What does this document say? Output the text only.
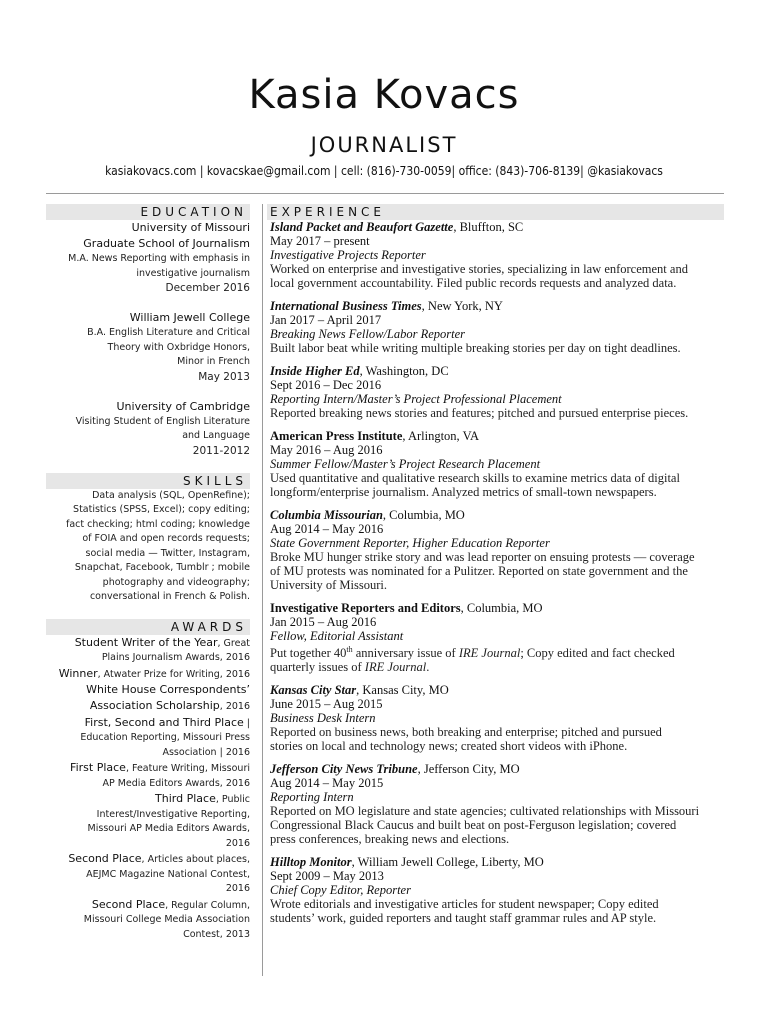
Kasia Kovacs
JOURNALIST
kasiakovacs.com | kovacskae@gmail.com | cell: (816)-730-0059| office: (843)-706-8139| @kasiakovacs
EDUCATION
University of Missouri
Graduate School of Journalism
M.A. News Reporting with emphasis in
investigative journalism
December 2016
William Jewell College
B.A. English Literature and Critical
Theory with Oxbridge Honors,
Minor in French
May 2013
University of Cambridge
Visiting Student of English Literature
and Language
2011-2012
SKILLS
Data analysis (SQL, OpenRefine);
Statistics (SPSS, Excel); copy editing;
fact checking; html coding; knowledge
of FOIA and open records requests;
social media — Twitter, Instagram,
Snapchat, Facebook, Tumblr ; mobile
photography and videography;
conversational in French & Polish.
AWARDS
Student Writer of the Year, Great
Plains Journalism Awards, 2016
Winner, Atwater Prize for Writing, 2016
White House Correspondents’
Association Scholarship, 2016
First, Second and Third Place |
Education Reporting, Missouri Press
Association | 2016
First Place, Feature Writing, Missouri
AP Media Editors Awards, 2016
Third Place, Public
Interest/Investigative Reporting,
Missouri AP Media Editors Awards,
2016
Second Place, Articles about places,
AEJMC Magazine National Contest,
2016
Second Place, Regular Column,
Missouri College Media Association
Contest, 2013
EXPERIENCE
Island Packet and Beaufort Gazette, Bluffton, SC
May 2017 – present
Investigative Projects Reporter
Worked on enterprise and investigative stories, specializing in law enforcement and
local government accountability. Filed public records requests and analyzed data.
International Business Times, New York, NY
Jan 2017 – April 2017
Breaking News Fellow/Labor Reporter
Built labor beat while writing multiple breaking stories per day on tight deadlines.
Inside Higher Ed, Washington, DC
Sept 2016 – Dec 2016
Reporting Intern/Master’s Project Professional Placement
Reported breaking news stories and features; pitched and pursued enterprise pieces.
American Press Institute, Arlington, VA
May 2016 – Aug 2016
Summer Fellow/Master’s Project Research Placement
Used quantitative and qualitative research skills to examine metrics data of digital
longform/enterprise journalism. Analyzed metrics of small-town newspapers.
Columbia Missourian, Columbia, MO
Aug 2014 – May 2016
State Government Reporter, Higher Education Reporter
Broke MU hunger strike story and was lead reporter on ensuing protests — coverage
of MU protests was nominated for a Pulitzer. Reported on state government and the
University of Missouri.
Investigative Reporters and Editors, Columbia, MO
Jan 2015 – Aug 2016
Fellow, Editorial Assistant
Put together 40th anniversary issue of IRE Journal; Copy edited and fact checked
quarterly issues of IRE Journal.
Kansas City Star, Kansas City, MO
June 2015 – Aug 2015
Business Desk Intern
Reported on business news, both breaking and enterprise; pitched and pursued
stories on local and technology news; created short videos with iPhone.
Jefferson City News Tribune, Jefferson City, MO
Aug 2014 – May 2015
Reporting Intern
Reported on MO legislature and state agencies; cultivated relationships with Missouri
Congressional Black Caucus and built beat on post-Ferguson legislation; covered
press conferences, breaking news and elections.
Hilltop Monitor, William Jewell College, Liberty, MO
Sept 2009 – May 2013
Chief Copy Editor, Reporter
Wrote editorials and investigative articles for student newspaper; Copy edited
students’ work, guided reporters and taught staff grammar rules and AP style.
